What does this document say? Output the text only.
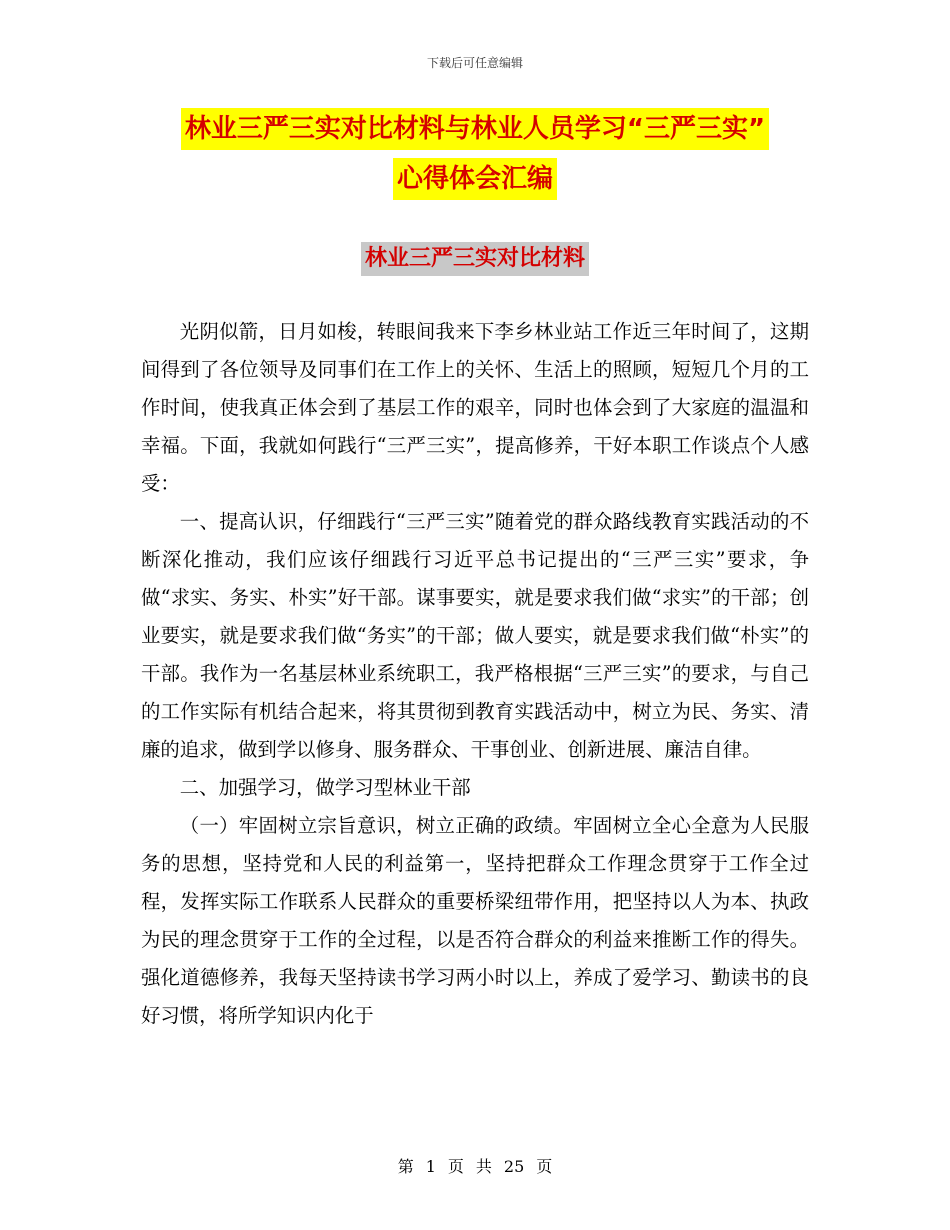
下载后可任意编辑
林业三严三实对比材料与林业人员学习“三严三实”
心得体会汇编
林业三严三实对比材料

光阴似箭，日月如梭，转眼间我来下李乡林业站工作近三年时间了，这期间得到了各位领导及同事们在工作上的关怀、生活上的照顾，短短几个月的工作时间，使我真正体会到了基层工作的艰辛，同时也体会到了大家庭的温温和幸福。下面，我就如何践行“三严三实”，提高修养，干好本职工作谈点个人感受：

一、提高认识，仔细践行“三严三实”随着党的群众路线教育实践活动的不断深化推动，我们应该仔细践行习近平总书记提出的“三严三实”要求，争做“求实、务实、朴实”好干部。谋事要实，就是要求我们做“求实”的干部；创业要实，就是要求我们做“务实”的干部；做人要实，就是要求我们做“朴实”的干部。我作为一名基层林业系统职工，我严格根据“三严三实”的要求，与自己的工作实际有机结合起来，将其贯彻到教育实践活动中，树立为民、务实、清廉的追求，做到学以修身、服务群众、干事创业、创新进展、廉洁自律。

二、加强学习，做学习型林业干部

（一）牢固树立宗旨意识，树立正确的政绩。牢固树立全心全意为人民服务的思想，坚持党和人民的利益第一，坚持把群众工作理念贯穿于工作全过程，发挥实际工作联系人民群众的重要桥梁纽带作用，把坚持以人为本、执政为民的理念贯穿于工作的全过程，以是否符合群众的利益来推断工作的得失。强化道德修养，我每天坚持读书学习两小时以上，养成了爱学习、勤读书的良好习惯，将所学知识内化于

第 1 页 共 25 页
